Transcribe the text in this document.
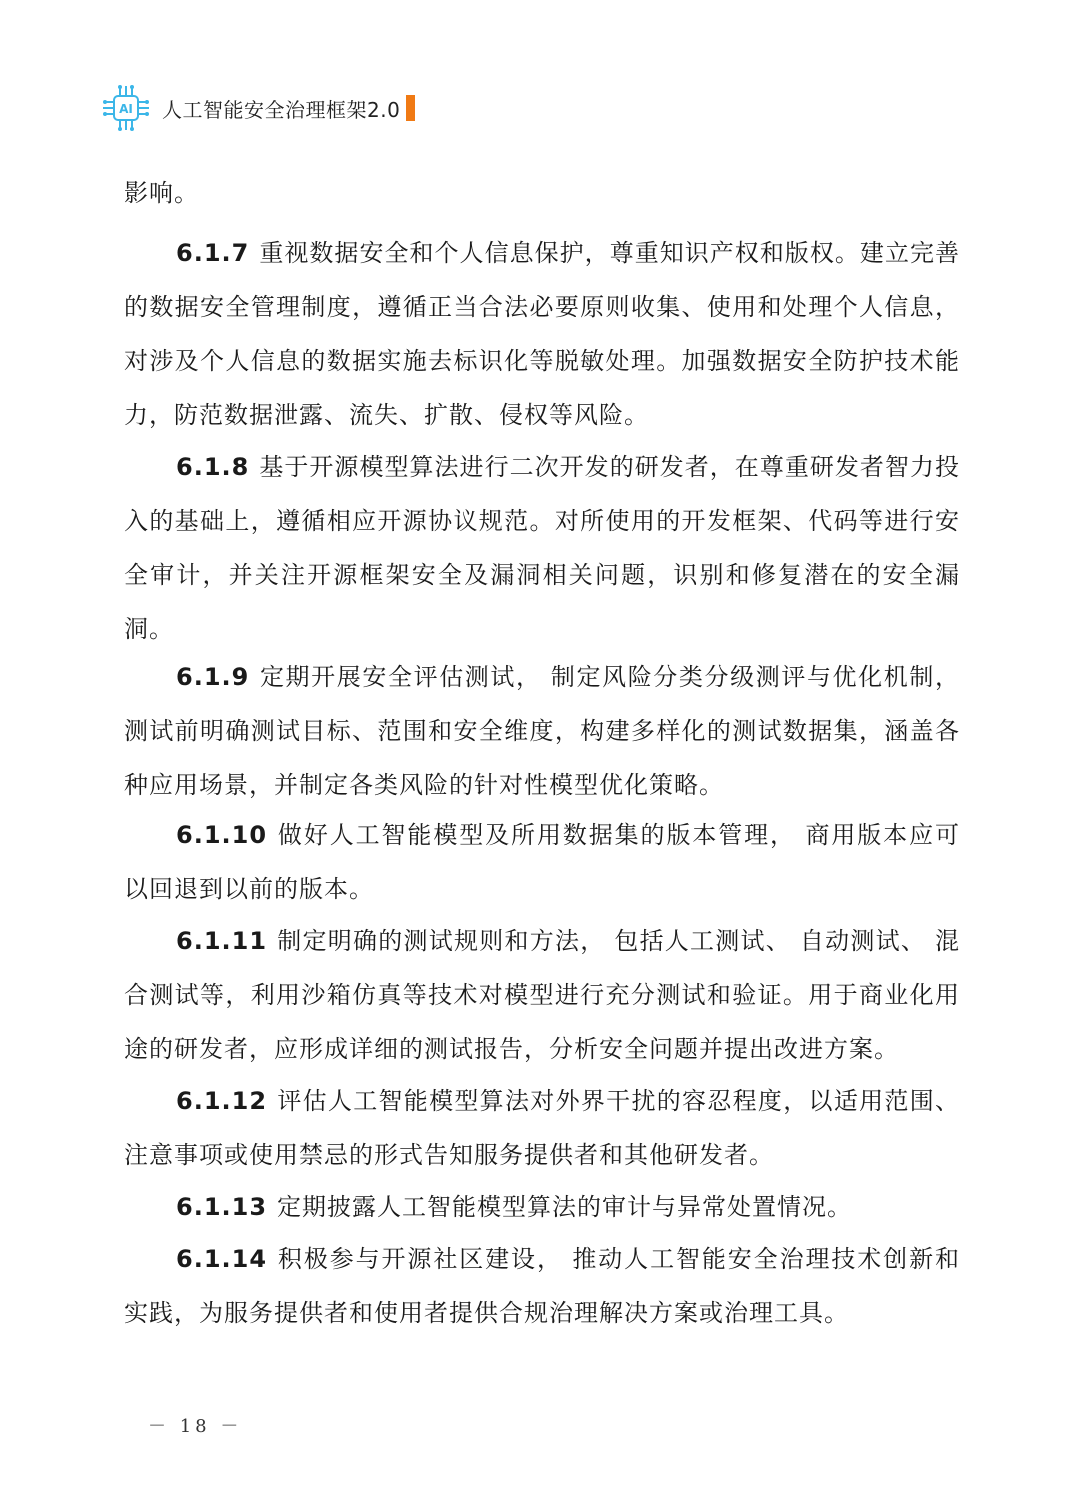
AI 人工智能安全治理框架2.0

影响。

6.1.7 重视数据安全和个人信息保护，尊重知识产权和版权。建立完善的数据安全管理制度，遵循正当合法必要原则收集、使用和处理个人信息，对涉及个人信息的数据实施去标识化等脱敏处理。加强数据安全防护技术能力，防范数据泄露、流失、扩散、侵权等风险。

6.1.8 基于开源模型算法进行二次开发的研发者，在尊重研发者智力投入的基础上，遵循相应开源协议规范。对所使用的开发框架、代码等进行安全审计，并关注开源框架安全及漏洞相关问题，识别和修复潜在的安全漏洞。

6.1.9 定期开展安全评估测试， 制定风险分类分级测评与优化机制，测试前明确测试目标、范围和安全维度，构建多样化的测试数据集，涵盖各种应用场景，并制定各类风险的针对性模型优化策略。

6.1.10 做好人工智能模型及所用数据集的版本管理， 商用版本应可以回退到以前的版本。

6.1.11 制定明确的测试规则和方法， 包括人工测试、 自动测试、 混合测试等，利用沙箱仿真等技术对模型进行充分测试和验证。用于商业化用途的研发者，应形成详细的测试报告，分析安全问题并提出改进方案。

6.1.12 评估人工智能模型算法对外界干扰的容忍程度，以适用范围、注意事项或使用禁忌的形式告知服务提供者和其他研发者。

6.1.13 定期披露人工智能模型算法的审计与异常处置情况。

6.1.14 积极参与开源社区建设， 推动人工智能安全治理技术创新和实践，为服务提供者和使用者提供合规治理解决方案或治理工具。

－ 18 －
